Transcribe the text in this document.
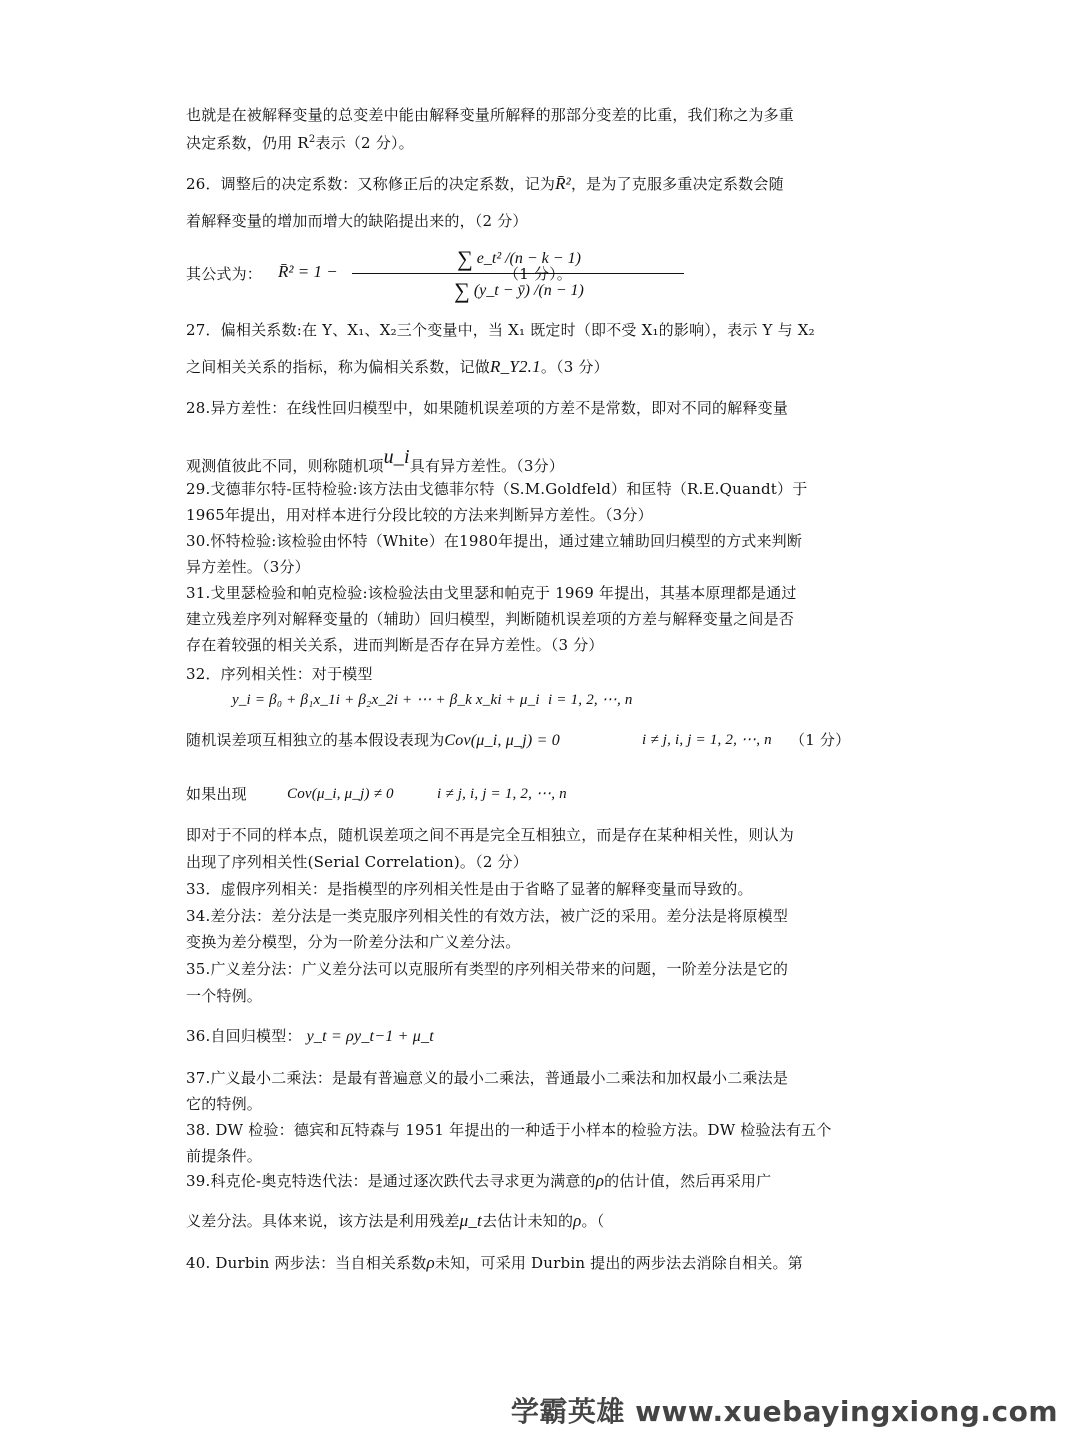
也就是在被解释变量的总变差中能由解释变量所解释的那部分变差的比重，我们称之为多重
决定系数，仍用 $R^2$表示（2 分）。
26．调整后的决定系数：又称修正后的决定系数，记为R̄²，是为了克服多重决定系数会随
着解释变量的增加而增大的缺陷提出来的，（2 分）
其公式为： R̄² = 1 −
∑ e_t² /(n − k − 1)
∑ (y_t − ȳ) /(n − 1)
（1 分）。
27．偏相关系数:在 Y、X₁、X₂三个变量中，当 X₁ 既定时（即不受 X₁的影响），表示 Y 与 X₂
之间相关关系的指标，称为偏相关系数，记做R_Y2.1。（3 分）
28.异方差性：在线性回归模型中，如果随机误差项的方差不是常数，即对不同的解释变量
观测值彼此不同，则称随机项u_i具有异方差性。（3分）
29.戈德菲尔特-匡特检验:该方法由戈德菲尔特（S.M.Goldfeld）和匡特（R.E.Quandt）于
1965年提出，用对样本进行分段比较的方法来判断异方差性。（3分）
30.怀特检验:该检验由怀特（White）在1980年提出，通过建立辅助回归模型的方式来判断
异方差性。（3分）
31.戈里瑟检验和帕克检验:该检验法由戈里瑟和帕克于 1969 年提出，其基本原理都是通过
建立残差序列对解释变量的（辅助）回归模型，判断随机误差项的方差与解释变量之间是否
存在着较强的相关关系，进而判断是否存在异方差性。（3 分）
32．序列相关性：对于模型
y_i = β₀ + β₁x_1i + β₂x_2i + ⋯ + β_k x_ki + μ_i i = 1, 2, ⋯, n
随机误差项互相独立的基本假设表现为Cov(μ_i, μ_j) = 0	i ≠ j, i, j = 1, 2, ⋯, n	（1 分）
如果出现	Cov(μ_i, μ_j) ≠ 0	i ≠ j, i, j = 1, 2, ⋯, n
即对于不同的样本点，随机误差项之间不再是完全互相独立，而是存在某种相关性，则认为
出现了序列相关性(Serial Correlation)。（2 分）
33．虚假序列相关：是指模型的序列相关性是由于省略了显著的解释变量而导致的。
34.差分法：差分法是一类克服序列相关性的有效方法，被广泛的采用。差分法是将原模型
变换为差分模型，分为一阶差分法和广义差分法。
35.广义差分法：广义差分法可以克服所有类型的序列相关带来的问题，一阶差分法是它的
一个特例。
36.自回归模型： y_t = ρy_t−1 + μ_t
37.广义最小二乘法：是最有普遍意义的最小二乘法，普通最小二乘法和加权最小二乘法是
它的特例。
38. DW 检验：德宾和瓦特森与 1951 年提出的一种适于小样本的检验方法。DW 检验法有五个
前提条件。
39.科克伦-奥克特迭代法：是通过逐次跌代去寻求更为满意的ρ的估计值，然后再采用广
义差分法。具体来说，该方法是利用残差μ_t去估计未知的ρ。（
40. Durbin 两步法：当自相关系数ρ未知，可采用 Durbin 提出的两步法去消除自相关。第
学霸英雄 www.xuebayingxiong.com
